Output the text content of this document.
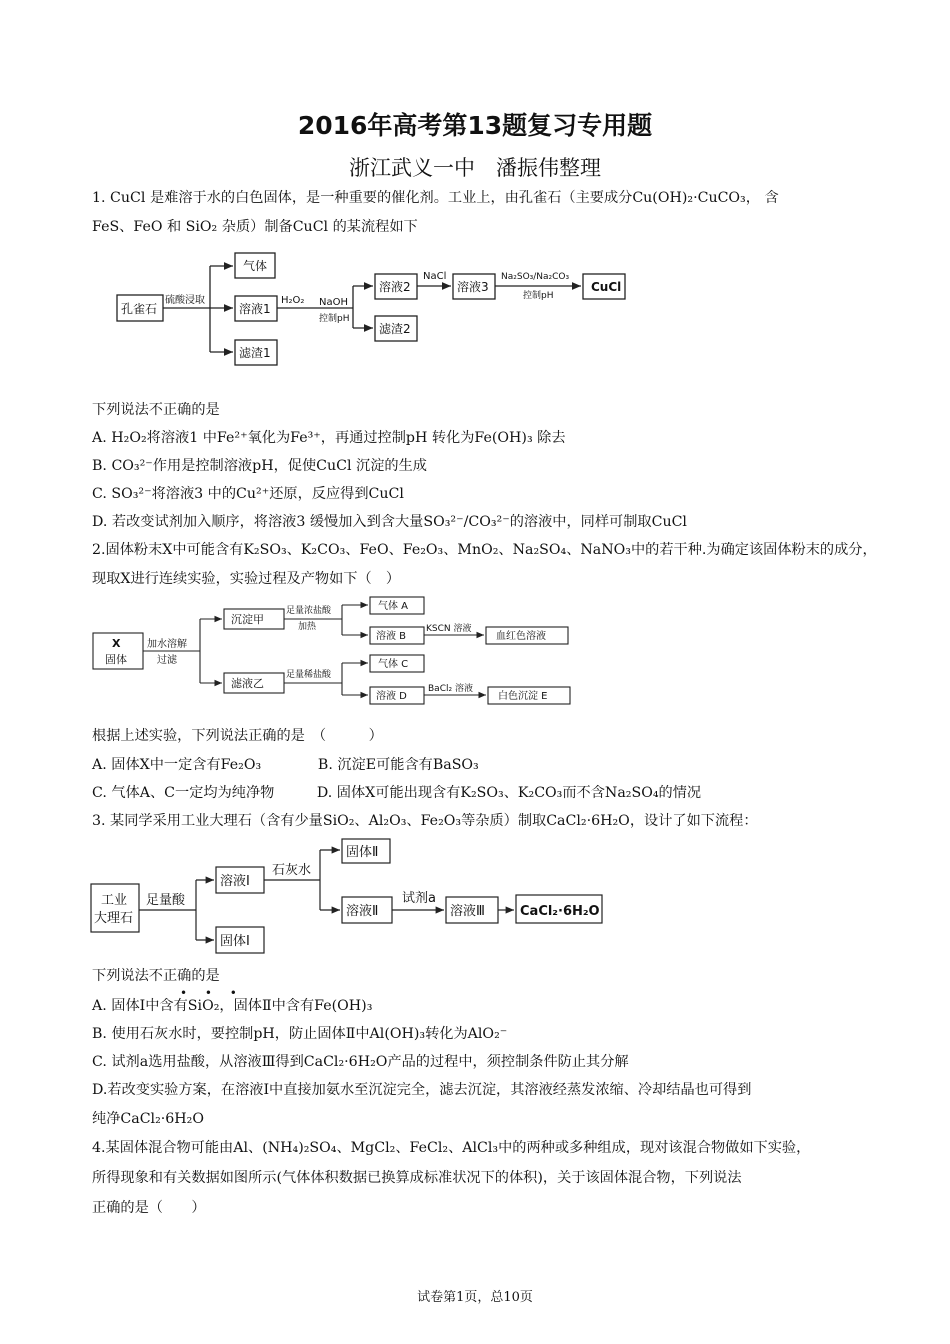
2016年高考第13题复习专用题
浙江武义一中　潘振伟整理
1. CuCl 是难溶于水的白色固体，是一种重要的催化剂。工业上，由孔雀石（主要成分Cu(OH)₂·CuCO₃， 含
FeS、FeO 和 SiO₂ 杂质）制备CuCl 的某流程如下
孔雀石
硫酸浸取
气体
溶液1
滤渣1
H₂O₂ NaOH
控制pH
溶液2
滤渣2
NaCl
溶液3
Na₂SO₃/Na₂CO₃
控制pH
CuCl
下列说法不正确的是
A. H₂O₂将溶液1 中Fe²⁺氧化为Fe³⁺，再通过控制pH 转化为Fe(OH)₃ 除去
B. CO₃²⁻作用是控制溶液pH，促使CuCl 沉淀的生成
C. SO₃²⁻将溶液3 中的Cu²⁺还原，反应得到CuCl
D. 若改变试剂加入顺序，将溶液3 缓慢加入到含大量SO₃²⁻/CO₃²⁻的溶液中，同样可制取CuCl
2.固体粉末X中可能含有K₂SO₃、K₂CO₃、FeO、Fe₂O₃、MnO₂、Na₂SO₄、NaNO₃中的若干种.为确定该固体粉末的成分，
现取X进行连续实验，实验过程及产物如下（　）
X
固体
加水溶解
过滤
沉淀甲
滤液乙
足量浓盐酸
加热
气体 A
溶液 B
KSCN 溶液
血红色溶液
足量稀盐酸
气体 C
溶液 D
BaCl₂ 溶液
白色沉淀 E
根据上述实验，下列说法正确的是　（　　　）
A. 固体X中一定含有Fe₂O₃　　　　B. 沉淀E可能含有BaSO₃
C. 气体A、C一定均为纯净物　　　D. 固体X可能出现含有K₂SO₃、K₂CO₃而不含Na₂SO₄的情况
3. 某同学采用工业大理石（含有少量SiO₂、Al₂O₃、Fe₂O₃等杂质）制取CaCl₂·6H₂O，设计了如下流程：
工业
大理石
足量酸
溶液Ⅰ
固体Ⅰ
石灰水
固体Ⅱ
溶液Ⅱ
试剂a
溶液Ⅲ	CaCl₂·6H₂O
下列说法不正确的是
• • •
A. 固体Ⅰ中含有SiO₂，固体Ⅱ中含有Fe(OH)₃
B. 使用石灰水时，要控制pH，防止固体Ⅱ中Al(OH)₃转化为AlO₂⁻
C. 试剂a选用盐酸，从溶液Ⅲ得到CaCl₂·6H₂O产品的过程中，须控制条件防止其分解
D.若改变实验方案，在溶液Ⅰ中直接加氨水至沉淀完全，滤去沉淀，其溶液经蒸发浓缩、冷却结晶也可得到
纯净CaCl₂·6H₂O
4.某固体混合物可能由Al、(NH₄)₂SO₄、MgCl₂、FeCl₂、AlCl₃中的两种或多种组成，现对该混合物做如下实验，
所得现象和有关数据如图所示(气体体积数据已换算成标准状况下的体积)，关于该固体混合物，下列说法
正确的是（　　）
试卷第1页，总10页
